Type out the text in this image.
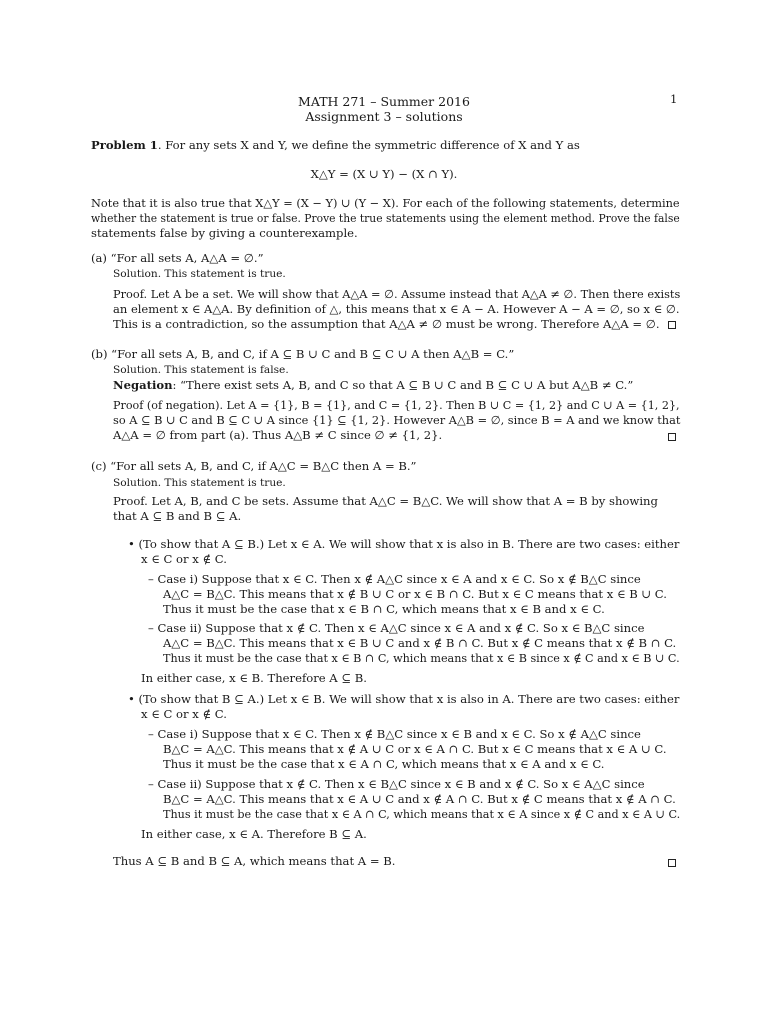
MATH 271 – Summer 2016
Assignment 3 – solutions
1
Problem 1. For any sets X and Y, we define the symmetric difference of X and Y as
X△Y = (X ∪ Y) − (X ∩ Y).
Note that it is also true that X△Y = (X − Y) ∪ (Y − X). For each of the following statements, determine
whether the statement is true or false. Prove the true statements using the element method. Prove the false
statements false by giving a counterexample.
(a) “For all sets A, A△A = ∅.”
Solution. This statement is true.
Proof. Let A be a set. We will show that A△A = ∅. Assume instead that A△A ≠ ∅. Then there exists
an element x ∈ A△A. By definition of △, this means that x ∈ A − A. However A − A = ∅, so x ∈ ∅.
This is a contradiction, so the assumption that A△A ≠ ∅ must be wrong. Therefore A△A = ∅.
(b) “For all sets A, B, and C, if A ⊆ B ∪ C and B ⊆ C ∪ A then A△B = C.”
Solution. This statement is false.
Negation: “There exist sets A, B, and C so that A ⊆ B ∪ C and B ⊆ C ∪ A but A△B ≠ C.”
Proof (of negation). Let A = {1}, B = {1}, and C = {1, 2}. Then B ∪ C = {1, 2} and C ∪ A = {1, 2},
so A ⊆ B ∪ C and B ⊆ C ∪ A since {1} ⊆ {1, 2}. However A△B = ∅, since B = A and we know that
A△A = ∅ from part (a). Thus A△B ≠ C since ∅ ≠ {1, 2}.
(c) “For all sets A, B, and C, if A△C = B△C then A = B.”
Solution. This statement is true.
Proof. Let A, B, and C be sets. Assume that A△C = B△C. We will show that A = B by showing
that A ⊆ B and B ⊆ A.
• (To show that A ⊆ B.) Let x ∈ A. We will show that x is also in B. There are two cases: either
x ∈ C or x ∉ C.
– Case i) Suppose that x ∈ C. Then x ∉ A△C since x ∈ A and x ∈ C. So x ∉ B△C since
A△C = B△C. This means that x ∉ B ∪ C or x ∈ B ∩ C. But x ∈ C means that x ∈ B ∪ C.
Thus it must be the case that x ∈ B ∩ C, which means that x ∈ B and x ∈ C.
– Case ii) Suppose that x ∉ C. Then x ∈ A△C since x ∈ A and x ∉ C. So x ∈ B△C since
A△C = B△C. This means that x ∈ B ∪ C and x ∉ B ∩ C. But x ∉ C means that x ∉ B ∩ C.
Thus it must be the case that x ∈ B ∩ C, which means that x ∈ B since x ∉ C and x ∈ B ∪ C.
In either case, x ∈ B. Therefore A ⊆ B.
• (To show that B ⊆ A.) Let x ∈ B. We will show that x is also in A. There are two cases: either
x ∈ C or x ∉ C.
– Case i) Suppose that x ∈ C. Then x ∉ B△C since x ∈ B and x ∈ C. So x ∉ A△C since
B△C = A△C. This means that x ∉ A ∪ C or x ∈ A ∩ C. But x ∈ C means that x ∈ A ∪ C.
Thus it must be the case that x ∈ A ∩ C, which means that x ∈ A and x ∈ C.
– Case ii) Suppose that x ∉ C. Then x ∈ B△C since x ∈ B and x ∉ C. So x ∈ A△C since
B△C = A△C. This means that x ∈ A ∪ C and x ∉ A ∩ C. But x ∉ C means that x ∉ A ∩ C.
Thus it must be the case that x ∈ A ∩ C, which means that x ∈ A since x ∉ C and x ∈ A ∪ C.
In either case, x ∈ A. Therefore B ⊆ A.
Thus A ⊆ B and B ⊆ A, which means that A = B.
